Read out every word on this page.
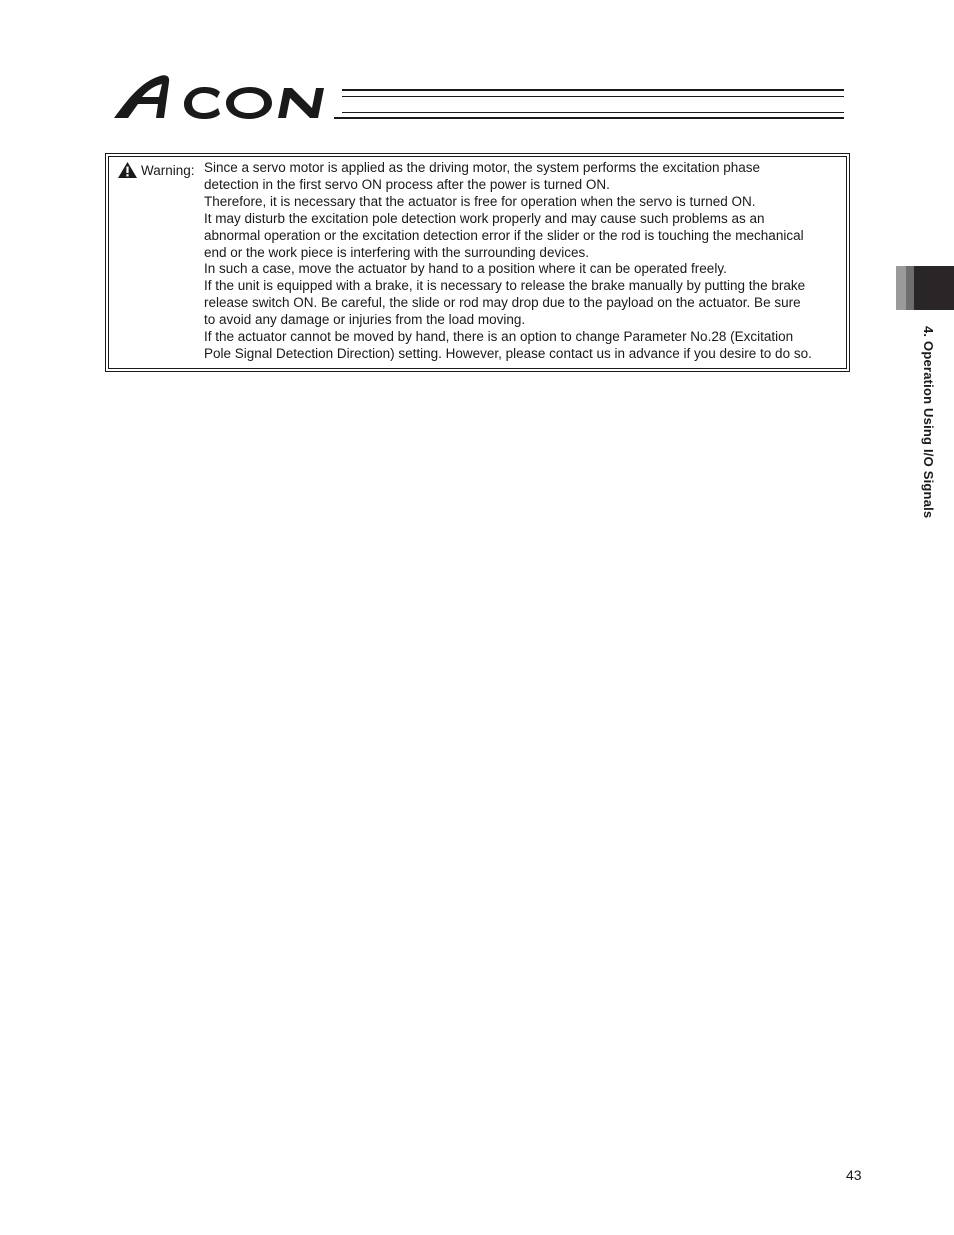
Warning: Since a servo motor is applied as the driving motor, the system performs the excitation phase

detection in the first servo ON process after the power is turned ON.

Therefore, it is necessary that the actuator is free for operation when the servo is turned ON.

It may disturb the excitation pole detection work properly and may cause such problems as an

abnormal operation or the excitation detection error if the slider or the rod is touching the mechanical

end or the work piece is interfering with the surrounding devices.

In such a case, move the actuator by hand to a position where it can be operated freely.

If the unit is equipped with a brake, it is necessary to release the brake manually by putting the brake

release switch ON. Be careful, the slide or rod may drop due to the payload on the actuator. Be sure

to avoid any damage or injuries from the load moving.

If the actuator cannot be moved by hand, there is an option to change Parameter No.28 (Excitation

Pole Signal Detection Direction) setting. However, please contact us in advance if you desire to do so.	4. Operation Using I/O Signals
43
